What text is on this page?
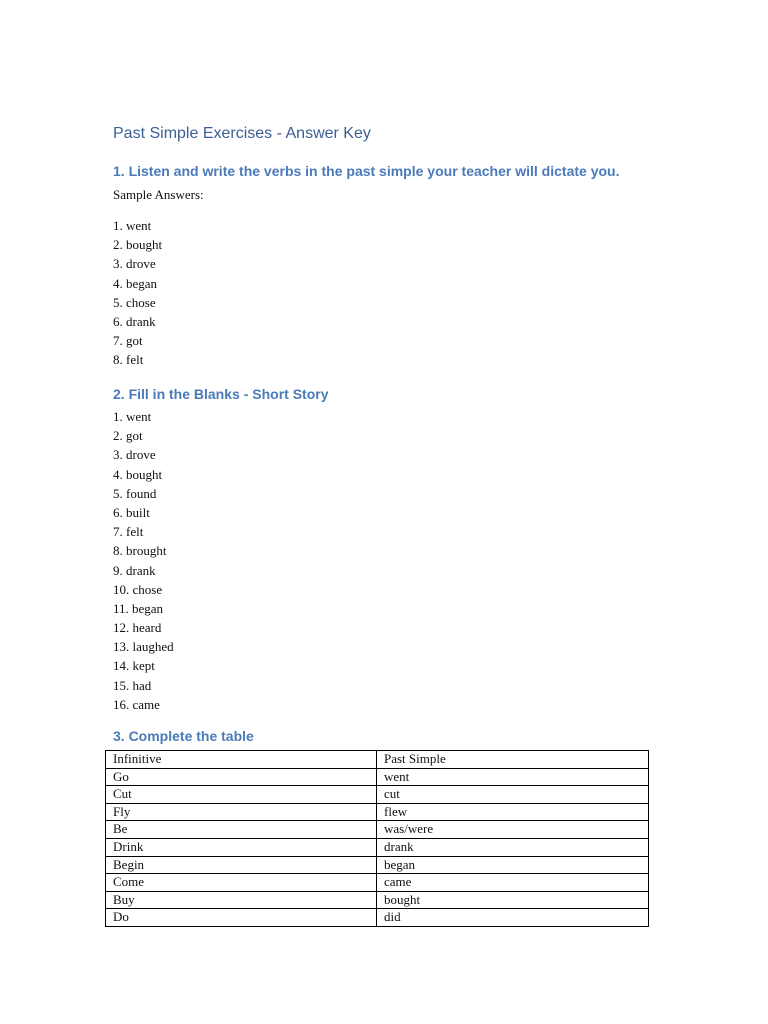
Past Simple Exercises - Answer Key
1. Listen and write the verbs in the past simple your teacher will dictate you.
Sample Answers:
1. went
2. bought
3. drove
4. began
5. chose
6. drank
7. got
8. felt
2. Fill in the Blanks - Short Story
1. went
2. got
3. drove
4. bought
5. found
6. built
7. felt
8. brought
9. drank
10. chose
11. began
12. heard
13. laughed
14. kept
15. had
16. came
3. Complete the table
Infinitive	Past Simple
Go	went
Cut	cut
Fly	flew
Be	was/were
Drink	drank
Begin	began
Come	came
Buy	bought
Do	did
